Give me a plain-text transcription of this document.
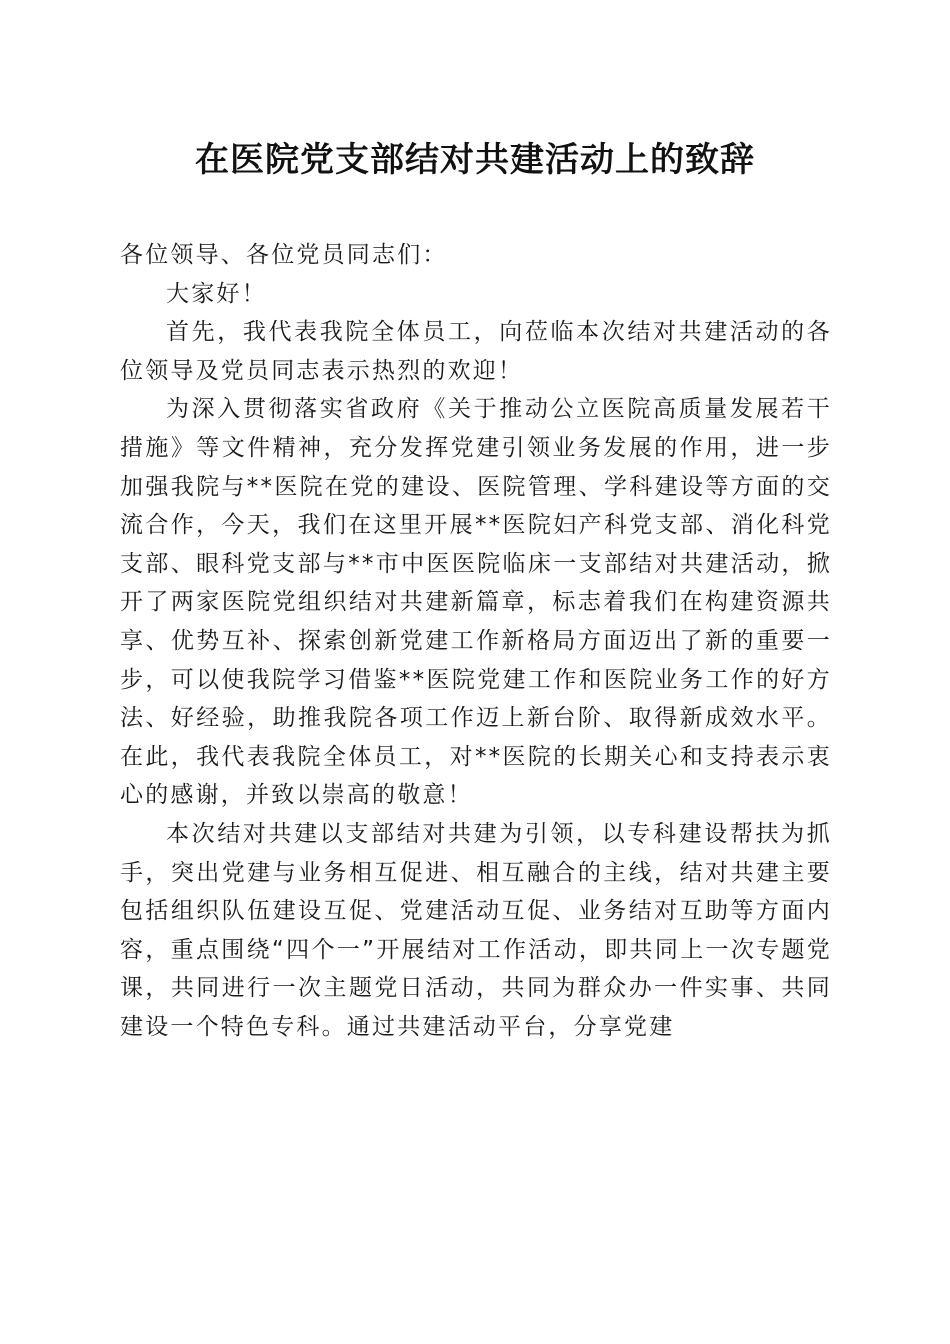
在医院党支部结对共建活动上的致辞

各位领导、各位党员同志们：

大家好！

首先，我代表我院全体员工，向莅临本次结对共建活动的各位领导及党员同志表示热烈的欢迎！

为深入贯彻落实省政府《关于推动公立医院高质量发展若干措施》等文件精神，充分发挥党建引领业务发展的作用，进一步加强我院与**医院在党的建设、医院管理、学科建设等方面的交流合作，今天，我们在这里开展**医院妇产科党支部、消化科党支部、眼科党支部与**市中医医院临床一支部结对共建活动，掀开了两家医院党组织结对共建新篇章，标志着我们在构建资源共享、优势互补、探索创新党建工作新格局方面迈出了新的重要一步，可以使我院学习借鉴**医院党建工作和医院业务工作的好方法、好经验，助推我院各项工作迈上新台阶、取得新成效水平。在此，我代表我院全体员工，对**医院的长期关心和支持表示衷心的感谢，并致以崇高的敬意！

本次结对共建以支部结对共建为引领，以专科建设帮扶为抓手，突出党建与业务相互促进、相互融合的主线，结对共建主要包括组织队伍建设互促、党建活动互促、业务结对互助等方面内容，重点围绕“四个一”开展结对工作活动，即共同上一次专题党课，共同进行一次主题党日活动，共同为群众办一件实事、共同建设一个特色专科。通过共建活动平台，分享党建
